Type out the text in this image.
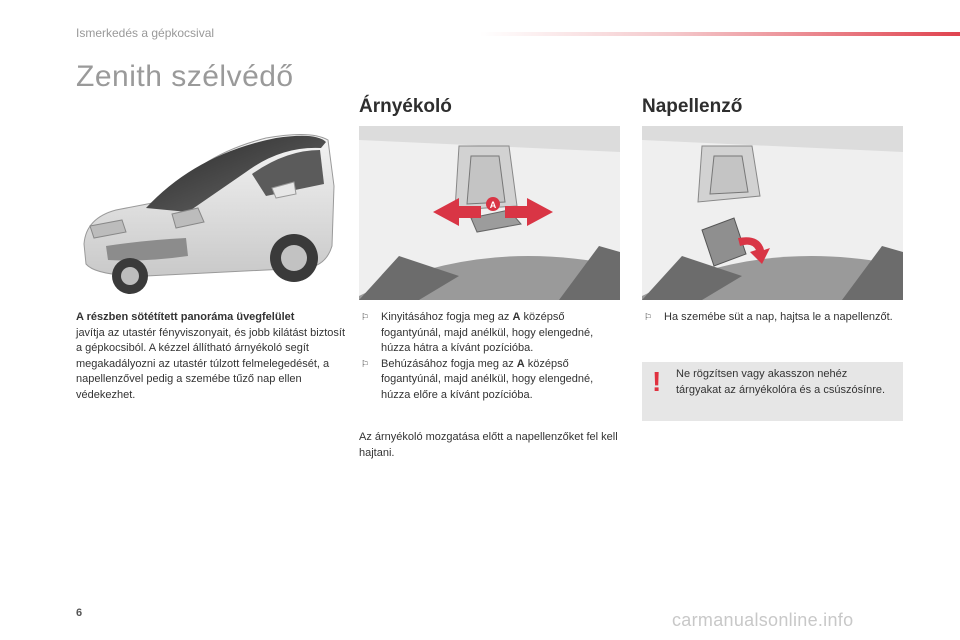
Ismerkedés a gépkocsival
Zenith szélvédő
Árnyékoló	Napellenző
A
A részben sötétített panoráma üvegfelület
javítja az utastér fényviszonyait, és jobb kilátást biztosít a gépkocsiból. A kézzel állítható árnyékoló segít megakadályozni az utastér túlzott felmelegedését, a napellenzővel pedig a szemébe tűző nap ellen védekezhet.
⚐ Kinyitásához fogja meg az A középső fogantyúnál, majd anélkül, hogy elengedné, húzza hátra a kívánt pozícióba.
⚐ Behúzásához fogja meg az A középső fogantyúnál, majd anélkül, hogy elengedné, húzza előre a kívánt pozícióba.
Az árnyékoló mozgatása előtt a napellenzőket fel kell hajtani.
⚐ Ha szemébe süt a nap, hajtsa le a napellenzőt.
! Ne rögzítsen vagy akasszon nehéz tárgyakat az árnyékolóra és a csúszósínre.
6	carmanualsonline.info
